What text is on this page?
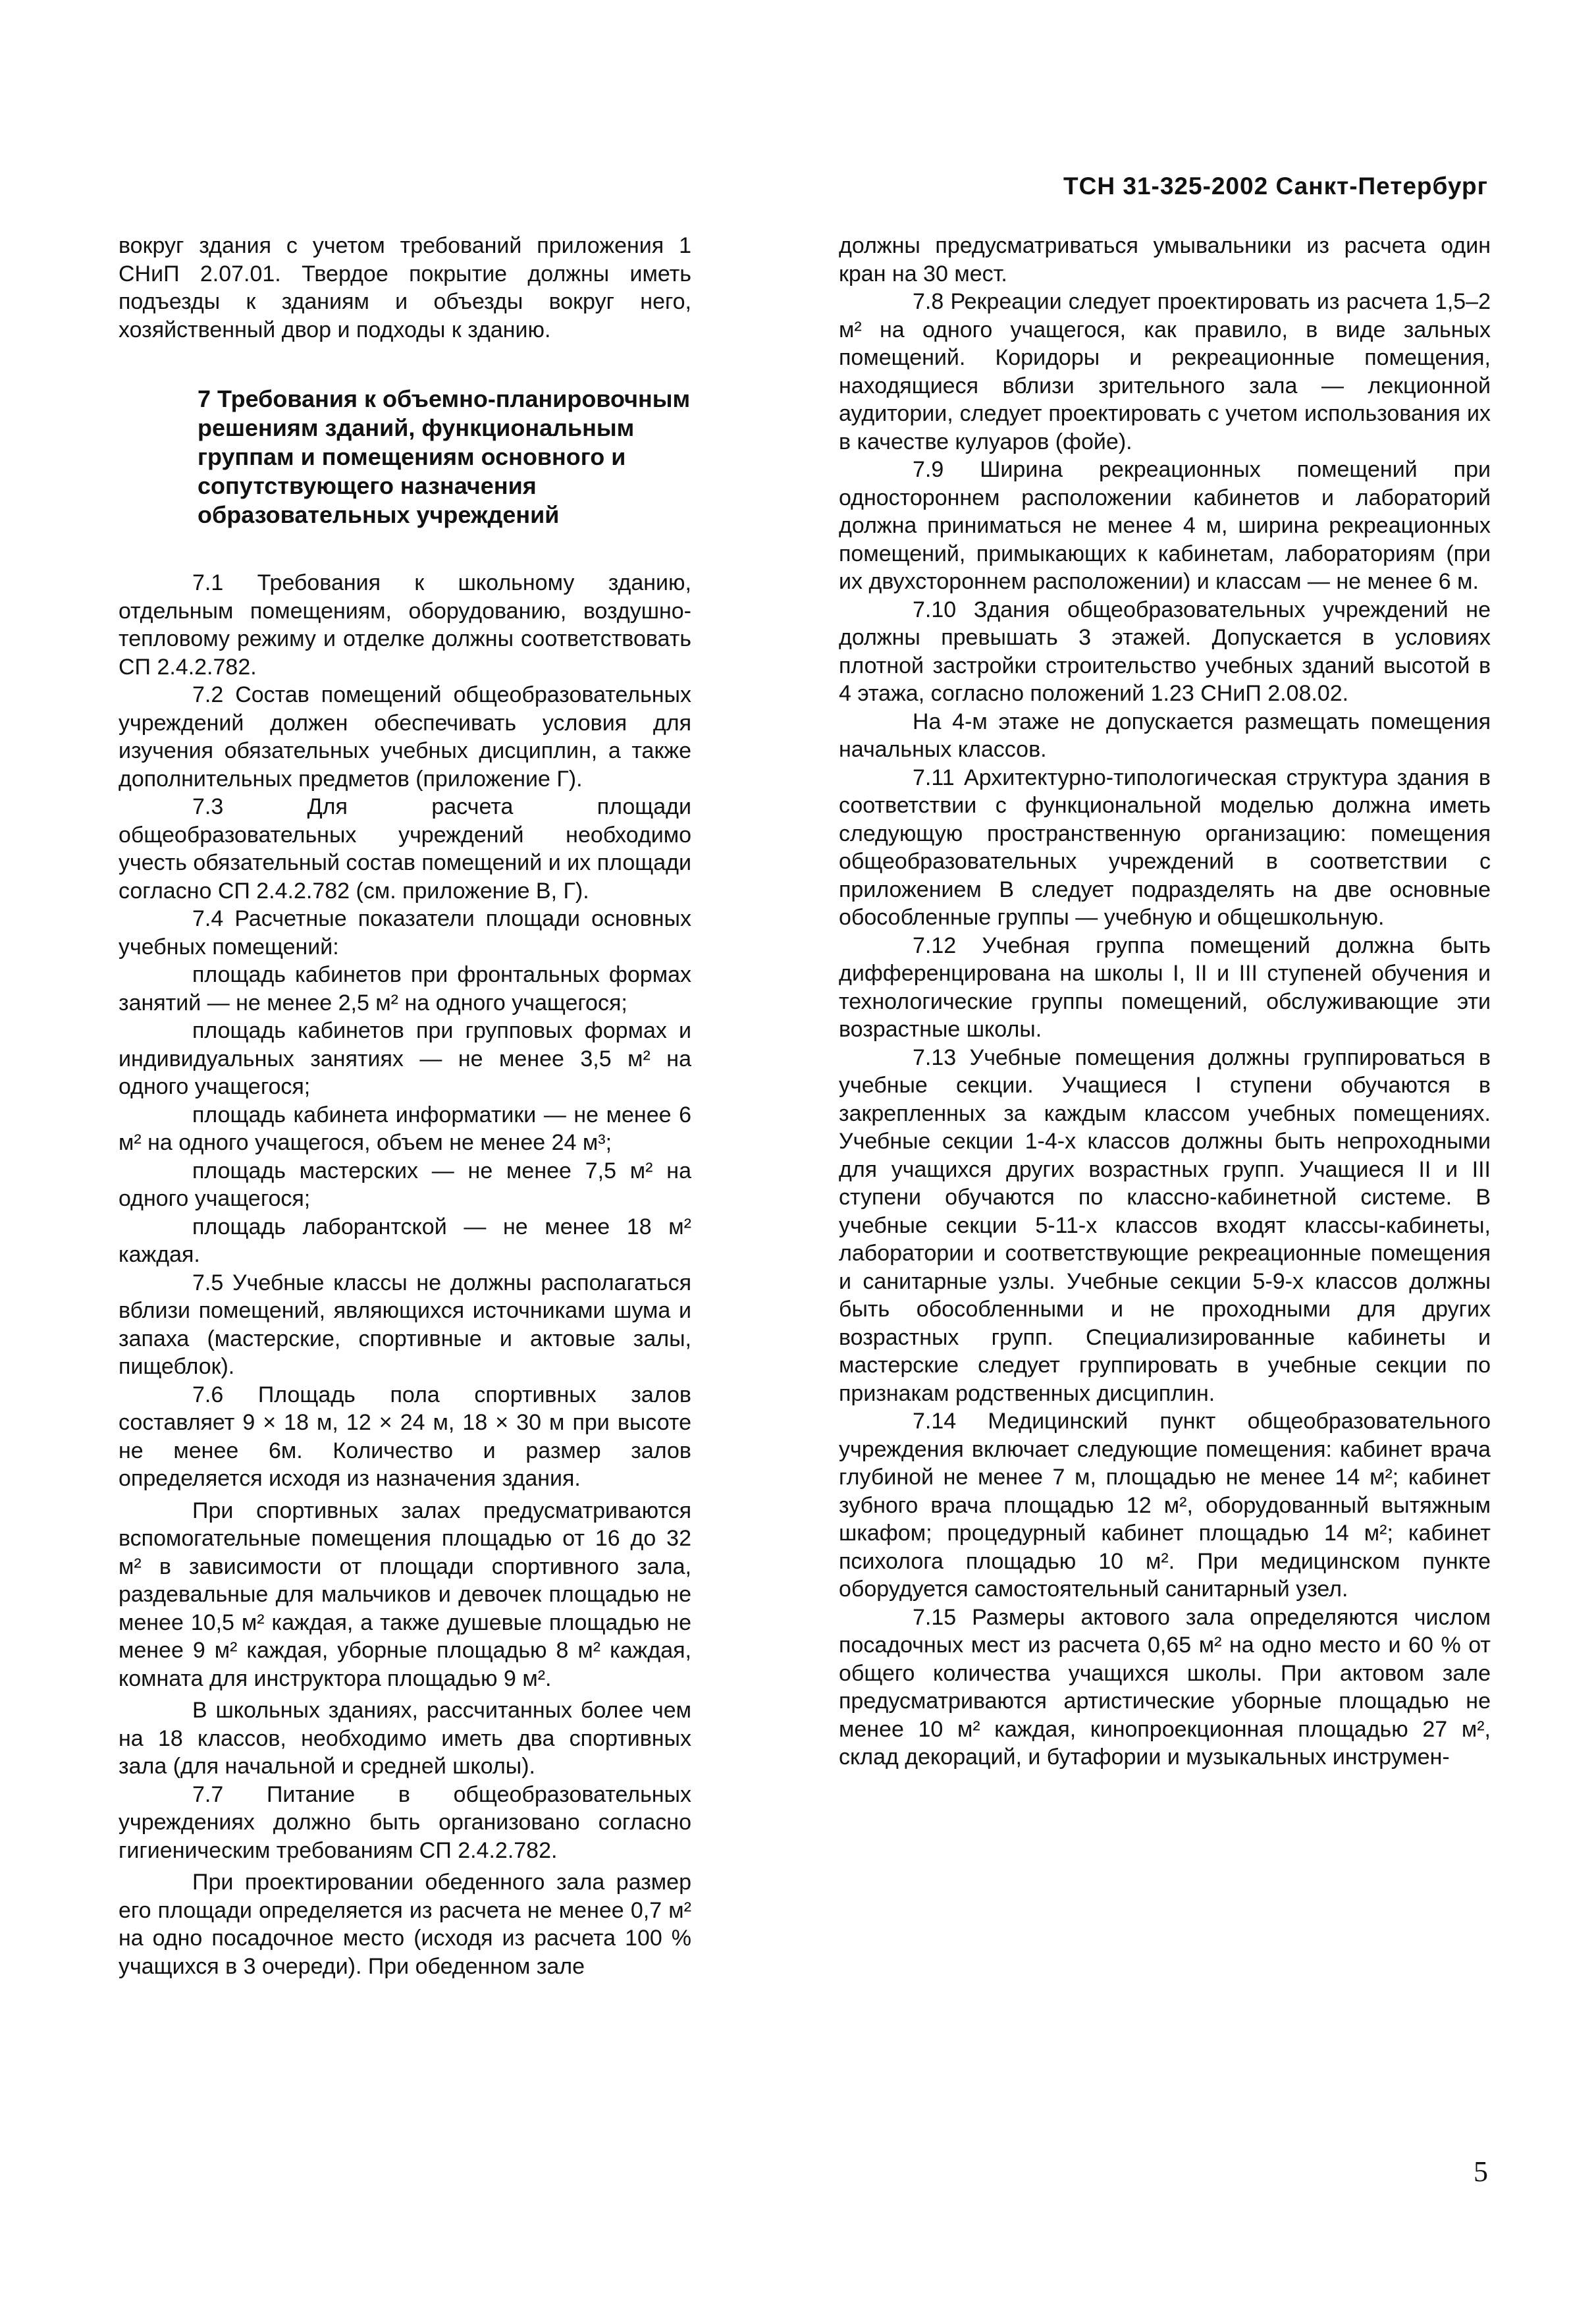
ТСН 31-325-2002 Санкт-Петербург

вокруг здания с учетом требований приложения 1 СНиП 2.07.01. Твердое покрытие должны иметь подъезды к зданиям и объезды вокруг него, хозяйственный двор и подходы к зданию.

7 Требования к объемно-планировочным решениям зданий, функциональным группам и помещениям основного и сопутствующего назначения образовательных учреждений

7.1 Требования к школьному зданию, отдельным помещениям, оборудованию, воздушно-тепловому режиму и отделке должны соответствовать СП 2.4.2.782.

7.2 Состав помещений общеобразовательных учреждений должен обеспечивать условия для изучения обязательных учебных дисциплин, а также дополнительных предметов (приложение Г).

7.3 Для расчета площади общеобразовательных учреждений необходимо учесть обязательный состав помещений и их площади согласно СП 2.4.2.782 (см. приложение В, Г).

7.4 Расчетные показатели площади основных учебных помещений:

площадь кабинетов при фронтальных формах занятий — не менее 2,5 м² на одного учащегося;

площадь кабинетов при групповых формах и индивидуальных занятиях — не менее 3,5 м² на одного учащегося;

площадь кабинета информатики — не менее 6 м² на одного учащегося, объем не менее 24 м³;

площадь мастерских — не менее 7,5 м² на одного учащегося;

площадь лаборантской — не менее 18 м² каждая.

7.5 Учебные классы не должны располагаться вблизи помещений, являющихся источниками шума и запаха (мастерские, спортивные и актовые залы, пищеблок).

7.6 Площадь пола спортивных залов составляет 9 × 18 м, 12 × 24 м, 18 × 30 м при высоте не менее 6м. Количество и размер залов определяется исходя из назначения здания.

При спортивных залах предусматриваются вспомогательные помещения площадью от 16 до 32 м² в зависимости от площади спортивного зала, раздевальные для мальчиков и девочек площадью не менее 10,5 м² каждая, а также душевые площадью не менее 9 м² каждая, уборные площадью 8 м² каждая, комната для инструктора площадью 9 м².

В школьных зданиях, рассчитанных более чем на 18 классов, необходимо иметь два спортивных зала (для начальной и средней школы).

7.7 Питание в общеобразовательных учреждениях должно быть организовано согласно гигиеническим требованиям СП 2.4.2.782.

При проектировании обеденного зала размер его площади определяется из расчета не менее 0,7 м² на одно посадочное место (исходя из расчета 100 % учащихся в 3 очереди). При обеденном зале

должны предусматриваться умывальники из расчета один кран на 30 мест.

7.8 Рекреации следует проектировать из расчета 1,5–2 м² на одного учащегося, как правило, в виде зальных помещений. Коридоры и рекреационные помещения, находящиеся вблизи зрительного зала — лекционной аудитории, следует проектировать с учетом использования их в качестве кулуаров (фойе).

7.9 Ширина рекреационных помещений при одностороннем расположении кабинетов и лабораторий должна приниматься не менее 4 м, ширина рекреационных помещений, примыкающих к кабинетам, лабораториям (при их двухстороннем расположении) и классам — не менее 6 м.

7.10 Здания общеобразовательных учреждений не должны превышать 3 этажей. Допускается в условиях плотной застройки строительство учебных зданий высотой в 4 этажа, согласно положений 1.23 СНиП 2.08.02.

На 4-м этаже не допускается размещать помещения начальных классов.

7.11 Архитектурно-типологическая структура здания в соответствии с функциональной моделью должна иметь следующую пространственную организацию: помещения общеобразовательных учреждений в соответствии с приложением В следует подразделять на две основные обособленные группы — учебную и общешкольную.

7.12 Учебная группа помещений должна быть дифференцирована на школы I, II и III ступеней обучения и технологические группы помещений, обслуживающие эти возрастные школы.

7.13 Учебные помещения должны группироваться в учебные секции. Учащиеся I ступени обучаются в закрепленных за каждым классом учебных помещениях. Учебные секции 1-4-х классов должны быть непроходными для учащихся других возрастных групп. Учащиеся II и III ступени обучаются по классно-кабинетной системе. В учебные секции 5-11-х классов входят классы-кабинеты, лаборатории и соответствующие рекреационные помещения и санитарные узлы. Учебные секции 5-9-х классов должны быть обособленными и не проходными для других возрастных групп. Специализированные кабинеты и мастерские следует группировать в учебные секции по признакам родственных дисциплин.

7.14 Медицинский пункт общеобразовательного учреждения включает следующие помещения: кабинет врача глубиной не менее 7 м, площадью не менее 14 м²; кабинет зубного врача площадью 12 м², оборудованный вытяжным шкафом; процедурный кабинет площадью 14 м²; кабинет психолога площадью 10 м². При медицинском пункте оборудуется самостоятельный санитарный узел.

7.15 Размеры актового зала определяются числом посадочных мест из расчета 0,65 м² на одно место и 60 % от общего количества учащихся школы. При актовом зале предусматриваются артистические уборные площадью не менее 10 м² каждая, кинопроекционная площадью 27 м², склад декораций, и бутафории и музыкальных инструмен-

5
